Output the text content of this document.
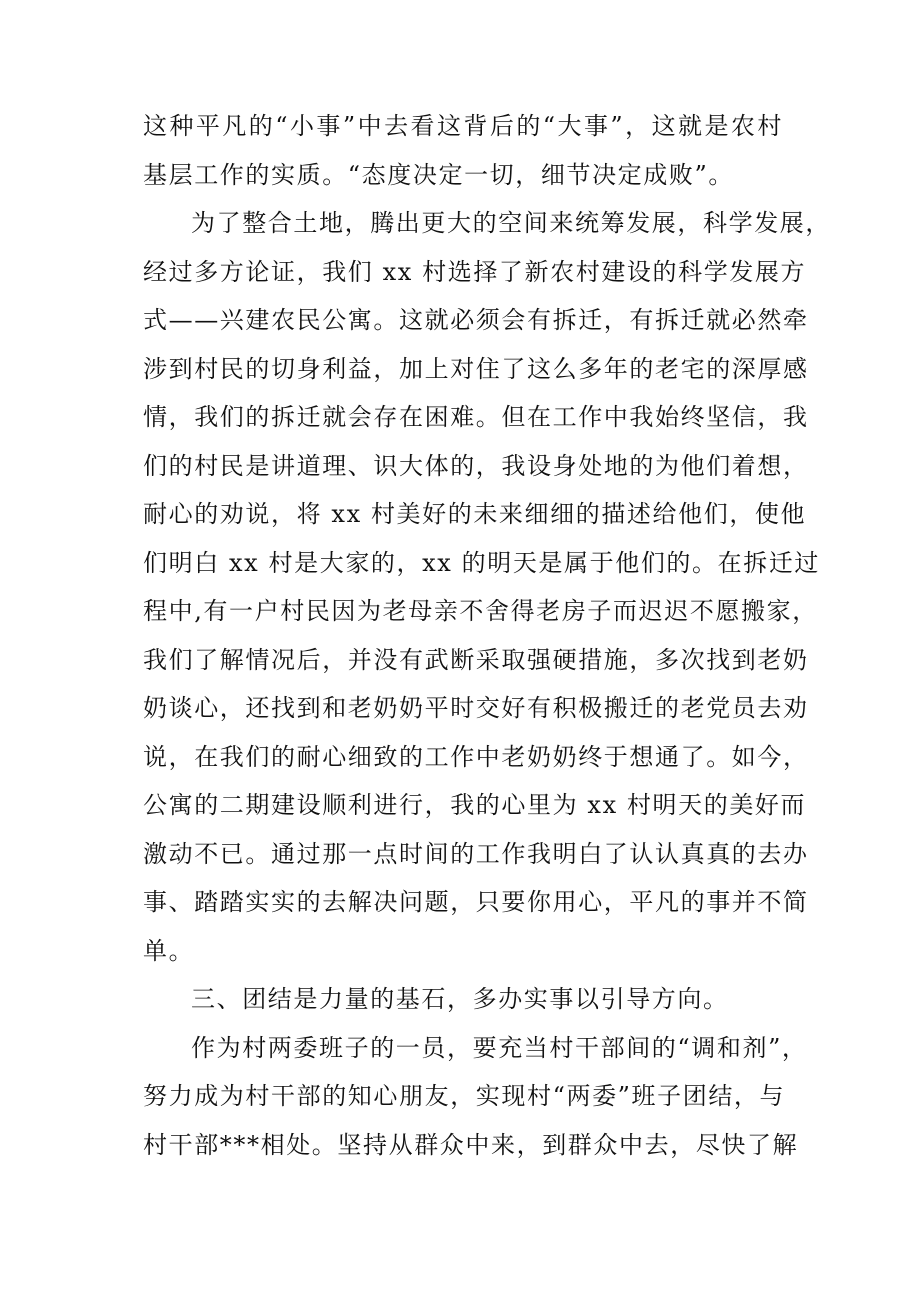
这种平凡的“小事”中去看这背后的“大事”，这就是农村
基层工作的实质。“态度决定一切，细节决定成败”。
为了整合土地，腾出更大的空间来统筹发展，科学发展，
经过多方论证，我们 xx 村选择了新农村建设的科学发展方
式——兴建农民公寓。这就必须会有拆迁，有拆迁就必然牵
涉到村民的切身利益，加上对住了这么多年的老宅的深厚感
情，我们的拆迁就会存在困难。但在工作中我始终坚信，我
们的村民是讲道理、识大体的，我设身处地的为他们着想，
耐心的劝说，将 xx 村美好的未来细细的描述给他们，使他
们明白 xx 村是大家的，xx 的明天是属于他们的。在拆迁过
程中,有一户村民因为老母亲不舍得老房子而迟迟不愿搬家，
我们了解情况后，并没有武断采取强硬措施，多次找到老奶
奶谈心，还找到和老奶奶平时交好有积极搬迁的老党员去劝
说，在我们的耐心细致的工作中老奶奶终于想通了。如今，
公寓的二期建设顺利进行，我的心里为 xx 村明天的美好而
激动不已。通过那一点时间的工作我明白了认认真真的去办
事、踏踏实实的去解决问题，只要你用心，平凡的事并不简
单。
三、团结是力量的基石，多办实事以引导方向。
作为村两委班子的一员，要充当村干部间的“调和剂”，
努力成为村干部的知心朋友，实现村“两委”班子团结，与
村干部***相处。坚持从群众中来，到群众中去，尽快了解
